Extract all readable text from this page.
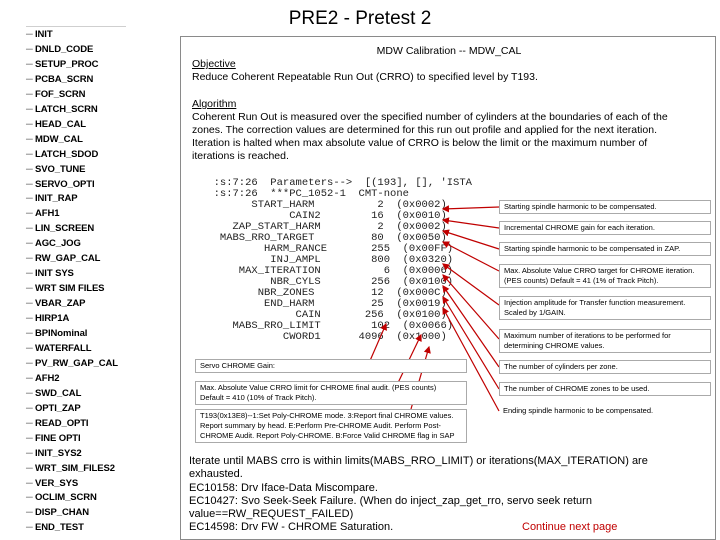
PRE2 - Pretest 2
─ INIT
─ DNLD_CODE
─ SETUP_PROC
─ PCBA_SCRN
─ FOF_SCRN
─ LATCH_SCRN
─ HEAD_CAL
─ MDW_CAL
─ LATCH_SDOD
─ SVO_TUNE
─ SERVO_OPTI
─ INIT_RAP
─ AFH1
─ LIN_SCREEN
─ AGC_JOG
─ RW_GAP_CAL
─ INIT SYS
─ WRT SIM FILES
─ VBAR_ZAP
─ HIRP1A
─ BPINominal
─ WATERFALL
─ PV_RW_GAP_CAL
─ AFH2
─ SWD_CAL
─ OPTI_ZAP
─ READ_OPTI
─ FINE OPTI
─ INIT_SYS2
─ WRT_SIM_FILES2
─ VER_SYS
─ OCLIM_SCRN
─ DISP_CHAN
─ END_TEST
MDW Calibration -- MDW_CAL
Objective
Reduce Coherent Repeatable Run Out (CRRO) to specified level by T193.
Algorithm
Coherent Run Out is measured over the specified number of cylinders at the boundaries of each of the
zones. The correction values are determined for this run out profile and applied for the next iteration.
Iteration is halted when max absolute value of CRRO is below the limit or the maximum number of
iterations is reached.
:s:7:26  Parameters-->  [(193], [], 'ISTA
:s:7:26  ***PC_1052-1  CMT-none
START_HARM          2  (0x0002)
CAIN2        16  (0x0010)
ZAP_START_HARM         2  (0x0002)
MABS_RRO_TARGET         80  (0x0050)
HARM_RANCE       255  (0x00FF)
INJ_AMPL        800  (0x0320)
MAX_ITERATION          6  (0x0006)
NBR_CYLS        256  (0x0100)
NBR_ZONES         12  (0x000C)
END_HARM         25  (0x0019)
CAIN       256  (0x0100)
MABS_RRO_LIMIT        102  (0x0066)
CWORD1      4096  (0x1000)
Starting spindle harmonic to be compensated.
Incremental CHROME gain for each iteration.
Starting spindle harmonic to be compensated in ZAP.
Max. Absolute Value CRRO target for CHROME iteration. (PES counts) Default = 41 (1% of Track Pitch).
Injection amplitude for Transfer function measurement. Scaled by 1/GAIN.
Maximum number of iterations to be performed for determining CHROME values.
Servo CHROME Gain:	The number of cylinders per zone.
Max. Absolute Value CRRO limit for CHROME final audit. (PES counts) Default = 410 (10% of Track Pitch).
The number of CHROME zones to be used.
Ending spindle harmonic to be compensated.
T193(0x13E8)--1:Set Poly-CHROME mode. 3:Report final CHROME values. Report summary by head. E:Perform Pre-CHROME Audit. Perform Post-CHROME Audit. Report Poly-CHROME. B:Force Valid CHROME flag in SAP
Iterate until MABS crro is within limits(MABS_RRO_LIMIT) or iterations(MAX_ITERATION) are
exhausted.
EC10158: Drv Iface-Data Miscompare.
EC10427: Svo Seek-Seek Failure. (When do inject_zap_get_rro, servo seek return
value==RW_REQUEST_FAILED)
EC14598: Drv FW - CHROME Saturation.	Continue next page
